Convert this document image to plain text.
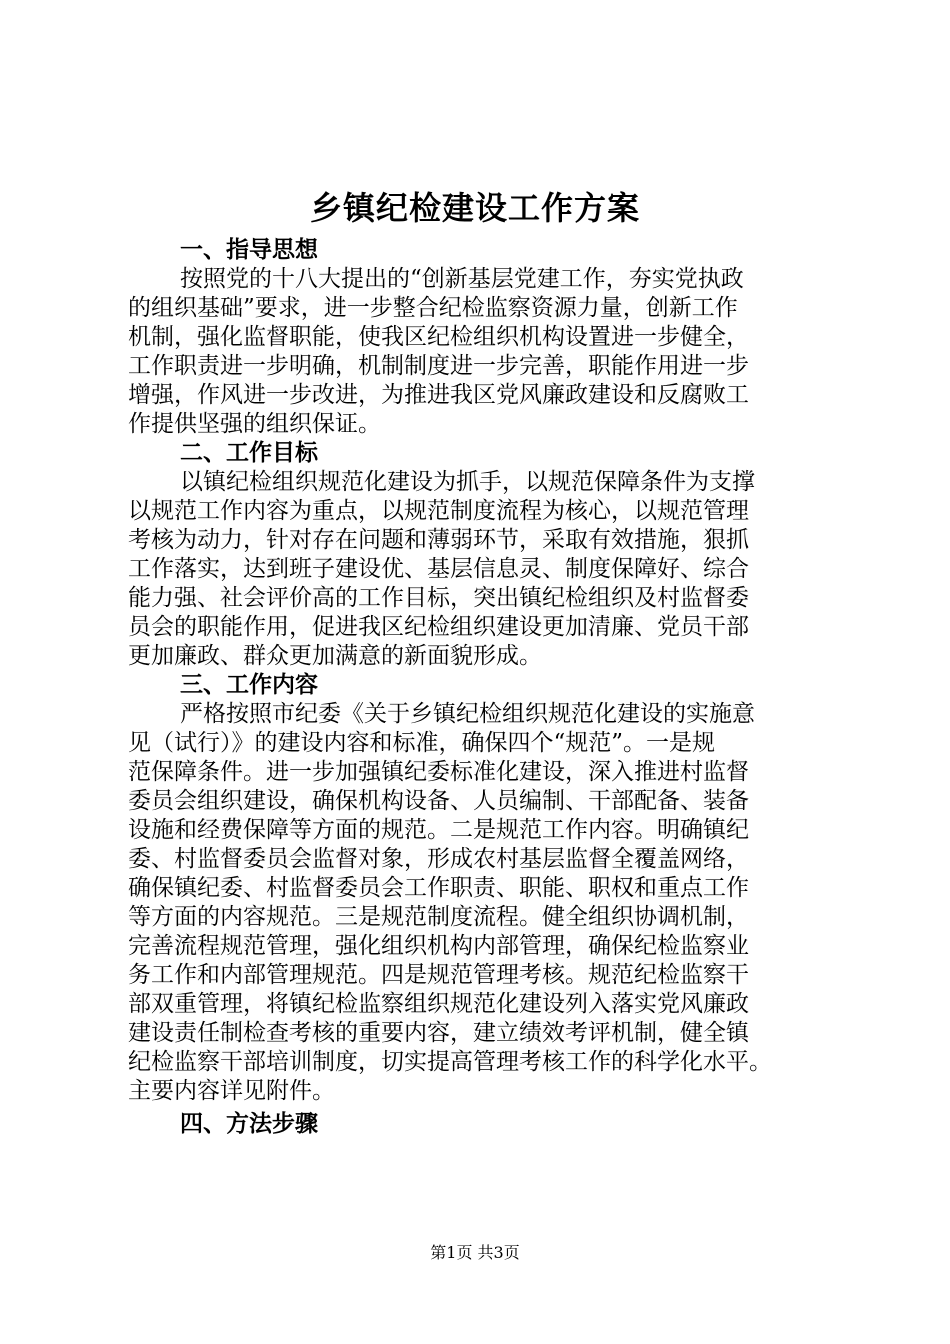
乡镇纪检建设工作方案
一、指导思想
按照党的十八大提出的“创新基层党建工作，夯实党执政
的组织基础”要求，进一步整合纪检监察资源力量，创新工作
机制，强化监督职能，使我区纪检组织机构设置进一步健全，
工作职责进一步明确，机制制度进一步完善，职能作用进一步
增强，作风进一步改进，为推进我区党风廉政建设和反腐败工
作提供坚强的组织保证。
二、工作目标
以镇纪检组织规范化建设为抓手，以规范保障条件为支撑
以规范工作内容为重点，以规范制度流程为核心，以规范管理
考核为动力，针对存在问题和薄弱环节，采取有效措施，狠抓
工作落实，达到班子建设优、基层信息灵、制度保障好、综合
能力强、社会评价高的工作目标，突出镇纪检组织及村监督委
员会的职能作用，促进我区纪检组织建设更加清廉、党员干部
更加廉政、群众更加满意的新面貌形成。
三、工作内容
严格按照市纪委《关于乡镇纪检组织规范化建设的实施意
见（试行）》的建设内容和标准，确保四个“规范”。一是规
范保障条件。进一步加强镇纪委标准化建设，深入推进村监督
委员会组织建设，确保机构设备、人员编制、干部配备、装备
设施和经费保障等方面的规范。二是规范工作内容。明确镇纪
委、村监督委员会监督对象，形成农村基层监督全覆盖网络，
确保镇纪委、村监督委员会工作职责、职能、职权和重点工作
等方面的内容规范。三是规范制度流程。健全组织协调机制，
完善流程规范管理，强化组织机构内部管理，确保纪检监察业
务工作和内部管理规范。四是规范管理考核。规范纪检监察干
部双重管理，将镇纪检监察组织规范化建设列入落实党风廉政
建设责任制检查考核的重要内容，建立绩效考评机制，健全镇
纪检监察干部培训制度，切实提高管理考核工作的科学化水平。
主要内容详见附件。
四、方法步骤
第1页 共3页
